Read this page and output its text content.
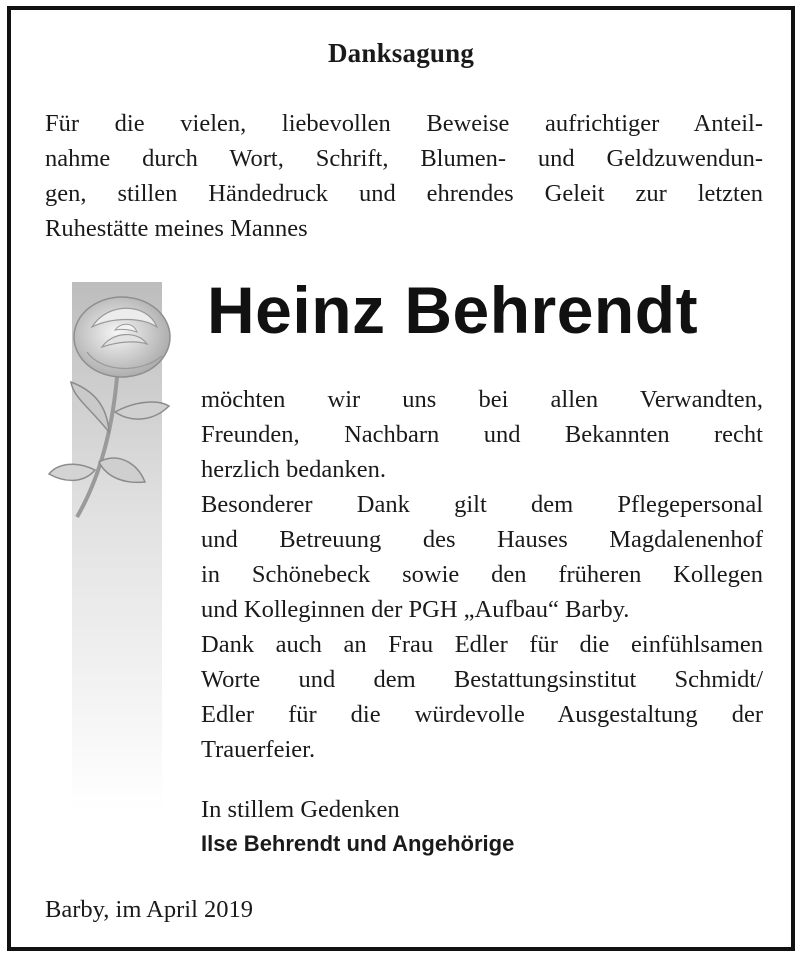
Danksagung
Für die vielen, liebevollen Beweise aufrichtiger Anteil-
nahme durch Wort, Schrift, Blumen- und Geldzuwendun-
gen, stillen Händedruck und ehrendes Geleit zur letzten
Ruhestätte meines Mannes
Heinz Behrendt
möchten wir uns bei allen Verwandten,
Freunden, Nachbarn und Bekannten recht
herzlich bedanken.
Besonderer Dank gilt dem Pflegepersonal
und Betreuung des Hauses Magdalenenhof
in Schönebeck sowie den früheren Kollegen
und Kolleginnen der PGH „Aufbau“ Barby.
Dank auch an Frau Edler für die einfühlsamen
Worte und dem Bestattungsinstitut Schmidt/
Edler für die würdevolle Ausgestaltung der
Trauerfeier.
In stillem Gedenken
Ilse Behrendt und Angehörige
Barby, im April 2019
